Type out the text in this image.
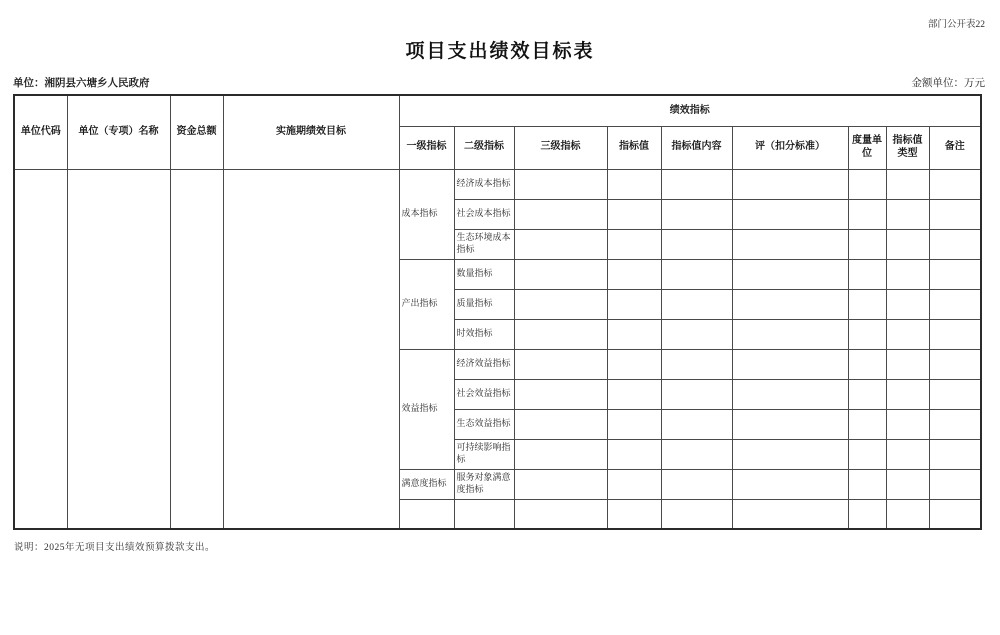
部门公开表22
项目支出绩效目标表
单位：湘阴县六塘乡人民政府	金额单位：万元
单位代码	单位（专项）名称	资金总额	实施期绩效目标	绩效指标								
				一级指标	二级指标	三级指标	指标值	指标值内容	评（扣分标准）	度量单位	指标值类型	备注
				成本指标	经济成本指标							
					社会成本指标							
					生态环境成本指标							
				产出指标	数量指标							
					质量指标							
					时效指标							
				效益指标	经济效益指标							
					社会效益指标							
					生态效益指标							
					可持续影响指标							
				满意度指标	服务对象满意度指标							

说明：2025年无项目支出绩效预算拨款支出。
